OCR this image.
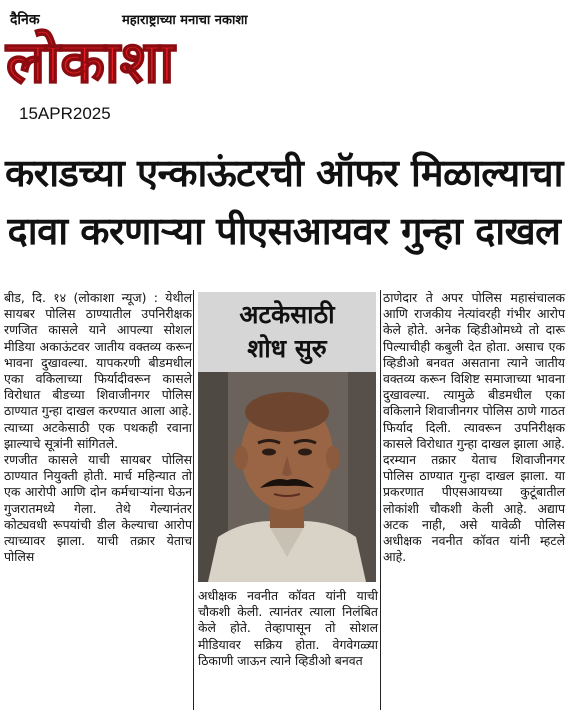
दैनिक	महाराष्ट्राच्या मनाचा नकाशा
लोकाशा
15APR2025
कराडच्या एन्काऊंटरची ऑफर मिळाल्याचा
दावा करणाऱ्या पीएसआयवर गुन्हा दाखल

बीड, दि. १४ (लोकाशा न्यूज) : येथील सायबर पोलिस ठाण्यातील उपनिरीक्षक रणजित कासले याने आपल्या सोशल मीडिया अकाऊंटवर जातीय वक्तव्य करून भावना दुखावल्या. यापकरणी बीडमधील एका वकिलाच्या फिर्यादीवरून कासले विरोधात बीडच्या शिवाजीनगर पोलिस ठाण्यात गुन्हा दाखल करण्यात आला आहे. त्याच्या अटकेसाठी एक पथकही रवाना झाल्याचे सूत्रांनी सांगितले.

रणजीत कासले याची सायबर पोलिस ठाण्यात नियुक्ती होती. मार्च महिन्यात तो एक आरोपी आणि दोन कर्मचाऱ्यांना घेऊन गुजरातमध्ये गेला. तेथे गेल्यानंतर कोट्यवधी रूपयांची डील केल्याचा आरोप त्याच्यावर झाला. याची तक्रार येताच पोलिस

अटकेसाठी
शोध सुरु

अधीक्षक नवनीत कॉवत यांनी याची चौकशी केली. त्यानंतर त्याला निलंबित केले होते. तेव्हापासून तो सोशल मीडियावर सक्रिय होता. वेगवेगळ्या ठिकाणी जाऊन त्याने व्हिडीओ बनवत

ठाणेदार ते अपर पोलिस महासंचालक आणि राजकीय नेत्यांवरही गंभीर आरोप केले होते. अनेक व्हिडीओमध्ये तो दारू पिल्याचीही कबुली देत होता. असाच एक व्हिडीओ बनवत असताना त्याने जातीय वक्तव्य करून विशिष्ट समाजाच्या भावना दुखावल्या. त्यामुळे बीडमधील एका वकिलाने शिवाजीनगर पोलिस ठाणे गाठत फिर्याद दिली. त्यावरून उपनिरीक्षक कासले विरोधात गुन्हा दाखल झाला आहे. दरम्यान तक्रार येताच शिवाजीनगर पोलिस ठाण्यात गुन्हा दाखल झाला. या प्रकरणात पीएसआयच्या कुटूंबातील लोकांशी चौकशी केली आहे. अद्याप अटक नाही, असे यावेळी पोलिस अधीक्षक नवनीत कॉवत यांनी म्हटले आहे.
